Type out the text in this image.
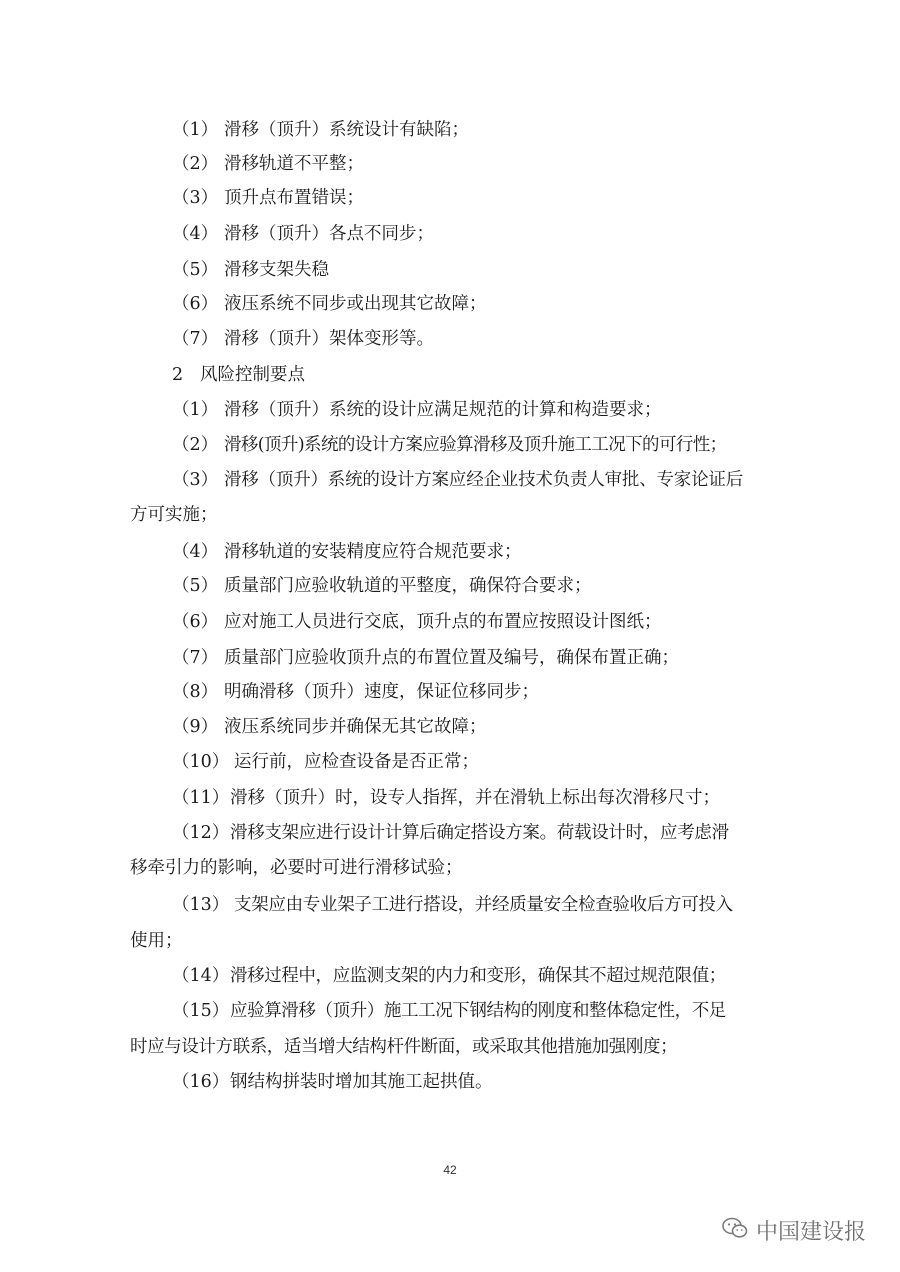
（1） 滑移（顶升）系统设计有缺陷；
（2） 滑移轨道不平整；
（3） 顶升点布置错误；
（4） 滑移（顶升）各点不同步；
（5） 滑移支架失稳
（6） 液压系统不同步或出现其它故障；
（7） 滑移（顶升）架体变形等。
2 风险控制要点
（1） 滑移（顶升）系统的设计应满足规范的计算和构造要求；
（2） 滑移(顶升)系统的设计方案应验算滑移及顶升施工工况下的可行性；
（3） 滑移（顶升）系统的设计方案应经企业技术负责人审批、专家论证后
方可实施；
（4） 滑移轨道的安装精度应符合规范要求；
（5） 质量部门应验收轨道的平整度，确保符合要求；
（6） 应对施工人员进行交底，顶升点的布置应按照设计图纸；
（7） 质量部门应验收顶升点的布置位置及编号，确保布置正确；
（8） 明确滑移（顶升）速度，保证位移同步；
（9） 液压系统同步并确保无其它故障；
（10） 运行前，应检查设备是否正常；
（11）滑移（顶升）时，设专人指挥，并在滑轨上标出每次滑移尺寸；
（12）滑移支架应进行设计计算后确定搭设方案。荷载设计时，应考虑滑
移牵引力的影响，必要时可进行滑移试验；
（13） 支架应由专业架子工进行搭设，并经质量安全检查验收后方可投入
使用；
（14）滑移过程中，应监测支架的内力和变形，确保其不超过规范限值；
（15）应验算滑移（顶升）施工工况下钢结构的刚度和整体稳定性，不足
时应与设计方联系，适当增大结构杆件断面，或采取其他措施加强刚度；
（16）钢结构拼装时增加其施工起拱值。
42
中国建设报
